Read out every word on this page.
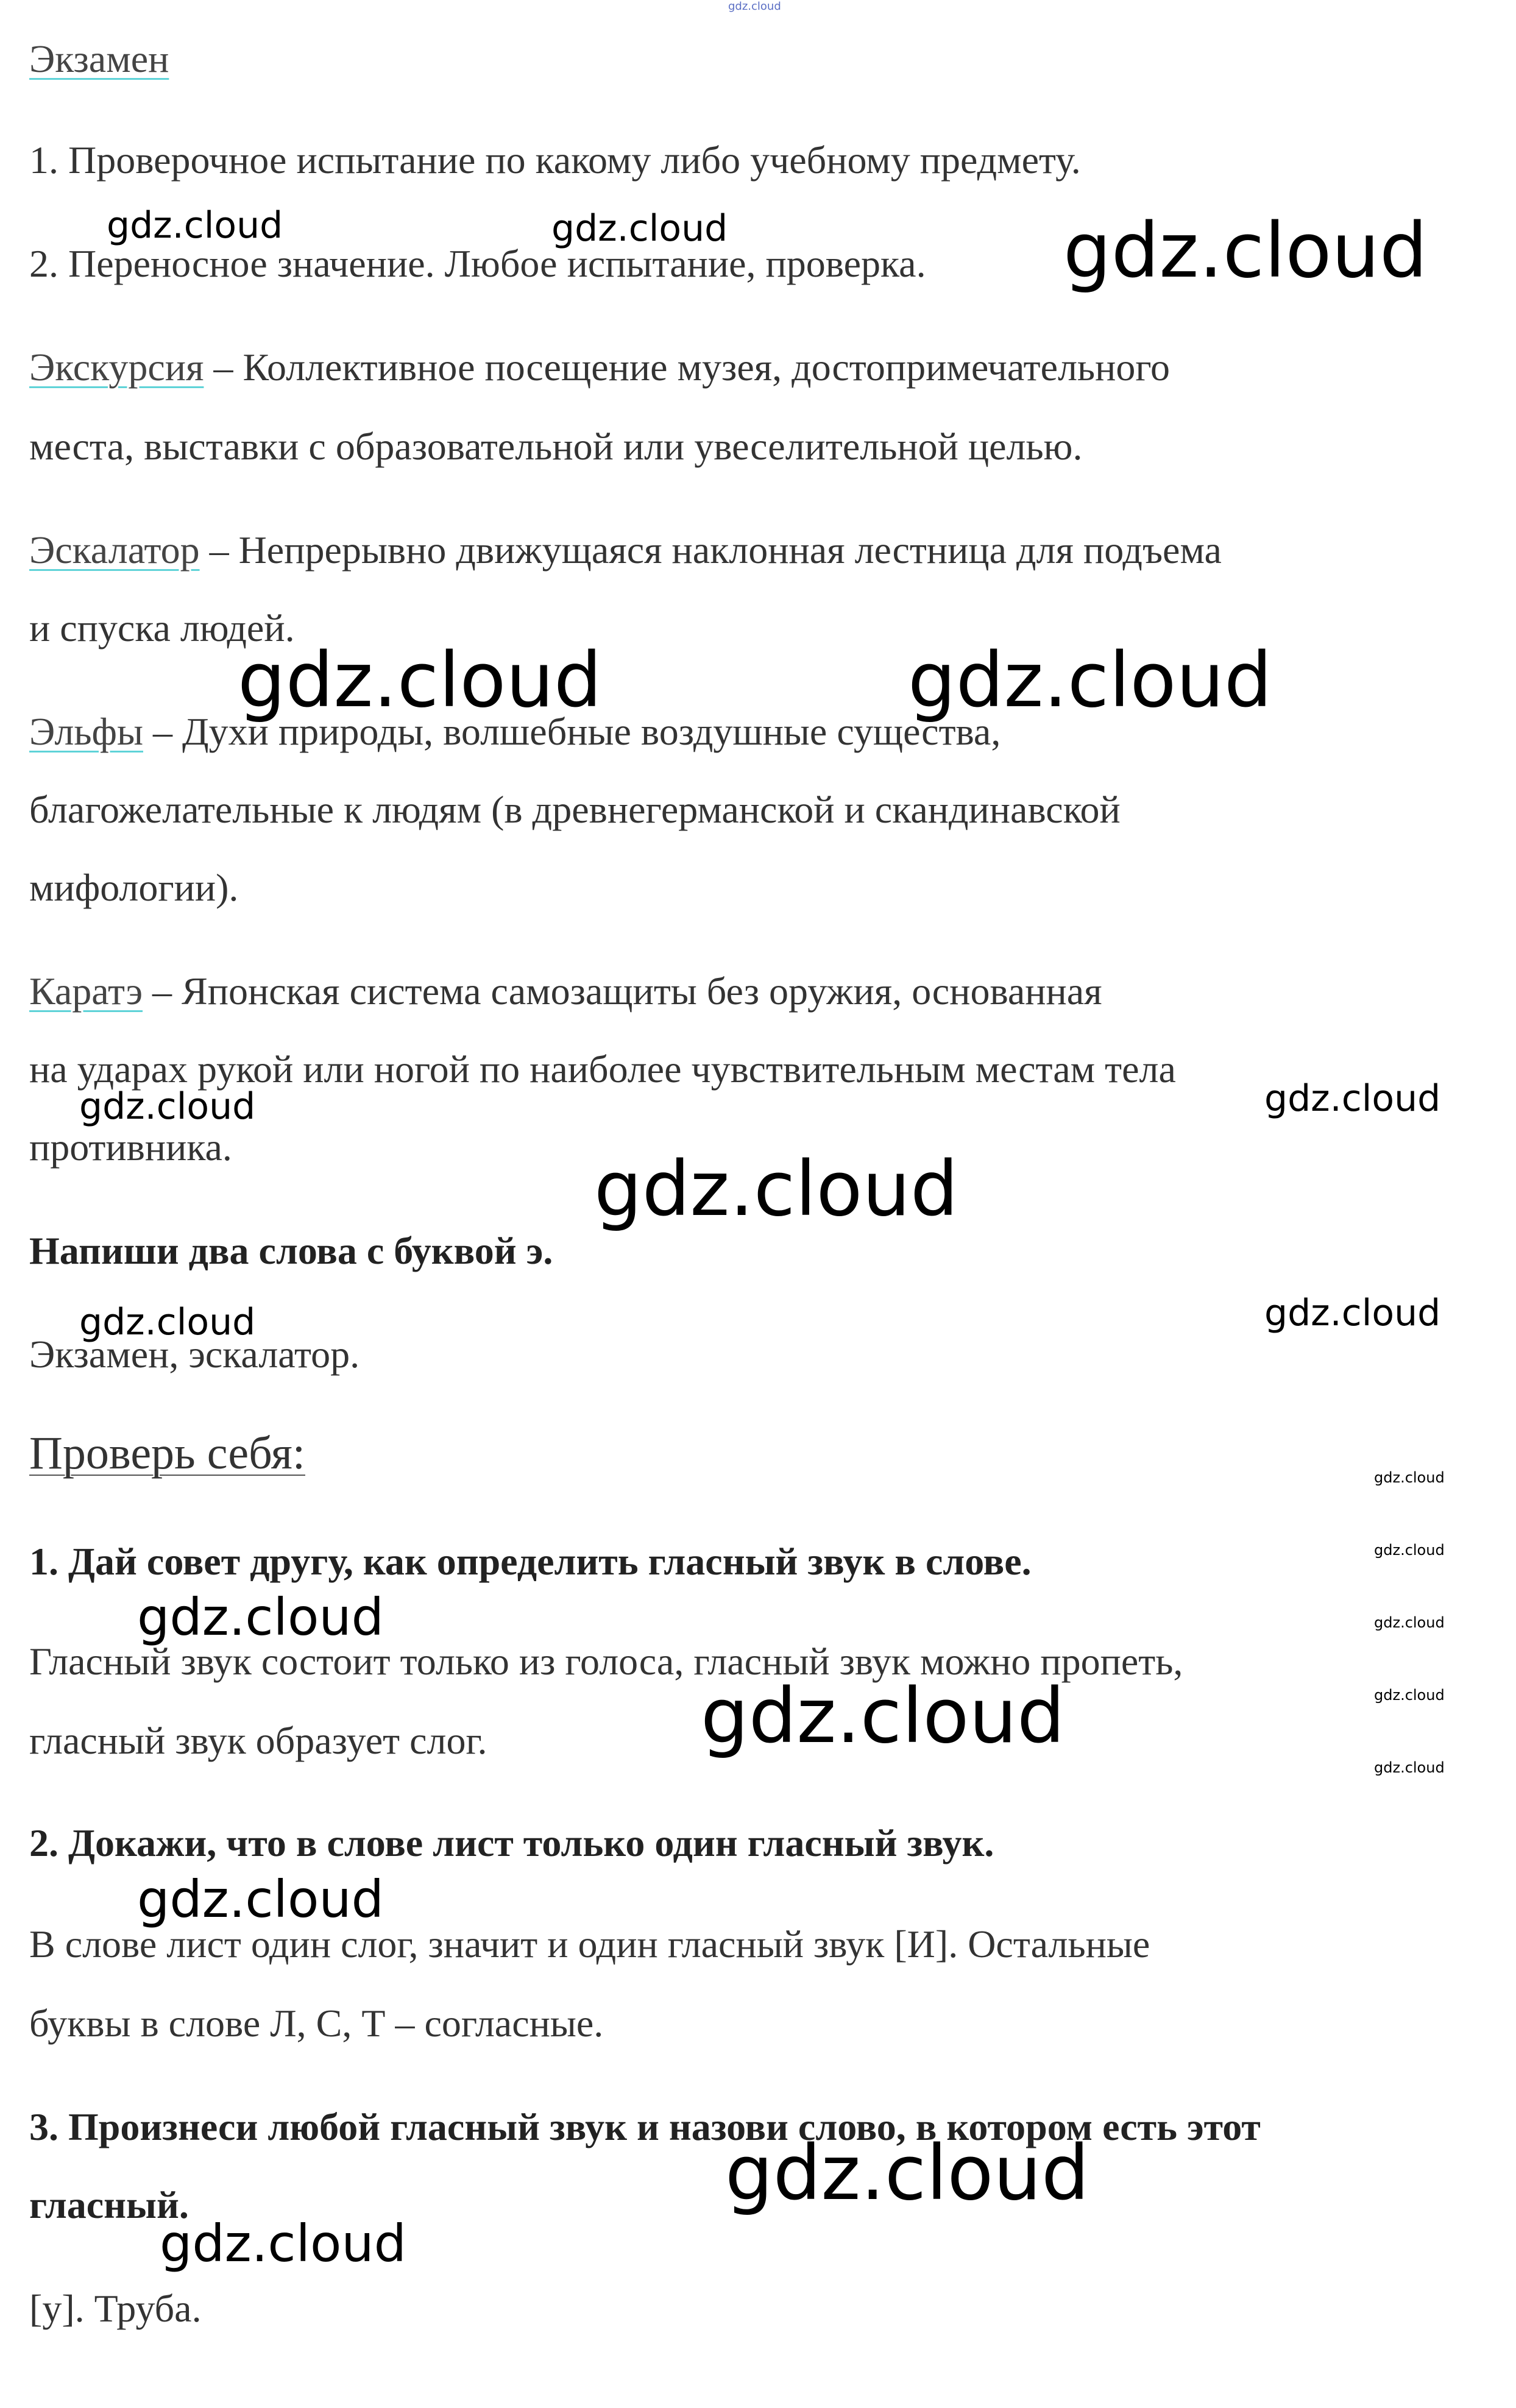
Экзамен
1. Проверочное испытание по какому либо учебному предмету.
2. Переносное значение. Любое испытание, проверка.
Экскурсия – Коллективное посещение музея, достопримечательного
места, выставки с образовательной или увеселительной целью.
Эскалатор – Непрерывно движущаяся наклонная лестница для подъема
и спуска людей.
Эльфы – Духи природы, волшебные воздушные существа,
благожелательные к людям (в древнегерманской и скандинавской
мифологии).
Каратэ – Японская система самозащиты без оружия, основанная
на ударах рукой или ногой по наиболее чувствительным местам тела
противника.
Напиши два слова с буквой э.
Экзамен, эскалатор.
Проверь себя:
1. Дай совет другу, как определить гласный звук в слове.
Гласный звук состоит только из голоса, гласный звук можно пропеть,
гласный звук образует слог.
2. Докажи, что в слове лист только один гласный звук.
В слове лист один слог, значит и один гласный звук [И]. Остальные
буквы в слове Л, С, Т – согласные.
3. Произнеси любой гласный звук и назови слово, в котором есть этот
гласный.
[у]. Труба.
gdz.cloud
gdz.cloud	gdz.cloud	gdz.cloud
gdz.cloud	gdz.cloud
gdz.cloud	gdz.cloud
gdz.cloud
gdz.cloud	gdz.cloud
gdz.cloud
gdz.cloud
gdz.cloud
gdz.cloud
gdz.cloud
gdz.cloud
gdz.cloud
gdz.cloud
gdz.cloud
gdz.cloud
